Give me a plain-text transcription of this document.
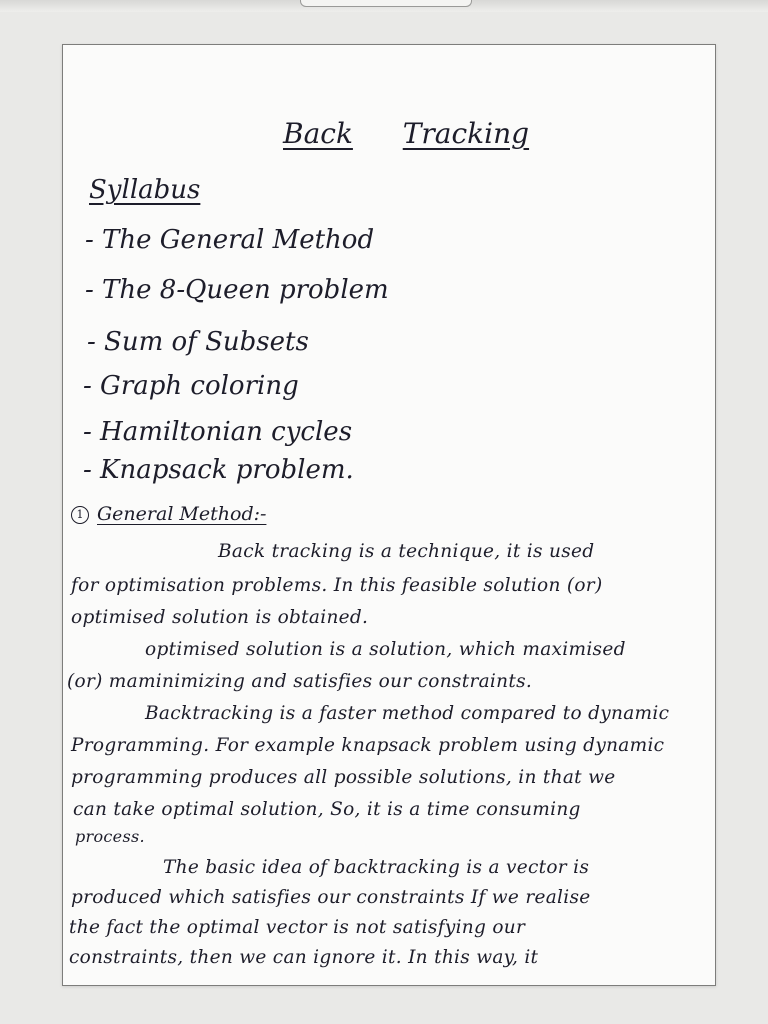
Back Tracking
Syllabus
- The General Method
- The 8-Queen problem
- Sum of Subsets
- Graph coloring
- Hamiltonian cycles
- Knapsack problem.
1 General Method:-
Back tracking is a technique, it is used
for optimisation problems. In this feasible solution (or)
optimised solution is obtained.
optimised solution is a solution, which maximised
(or) maminimizing and satisfies our constraints.
Backtracking is a faster method compared to dynamic
Programming. For example knapsack problem using dynamic
programming produces all possible solutions, in that we
can take optimal solution, So, it is a time consuming
process.
The basic idea of backtracking is a vector is
produced which satisfies our constraints If we realise
the fact the optimal vector is not satisfying our
constraints, then we can ignore it. In this way, it
